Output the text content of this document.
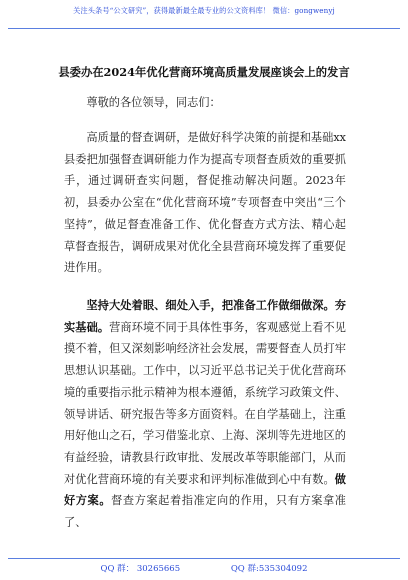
关注头条号“公文研究”，获得最新最全最专业的公文资料库！ 微信：gongwenyj
县委办在2024年优化营商环境高质量发展座谈会上的发言
尊敬的各位领导，同志们：
高质量的督查调研，是做好科学决策的前提和基础xx县委把加强督查调研能力作为提高专项督查质效的重要抓手，通过调研查实问题，督促推动解决问题。2023年初，县委办公室在“优化营商环境”专项督查中突出“三个坚持”，做足督查准备工作、优化督查方式方法、精心起草督查报告，调研成果对优化全县营商环境发挥了重要促进作用。
坚持大处着眼、细处入手，把准备工作做细做深。夯实基础。营商环境不同于具体性事务，客观感觉上看不见摸不着，但又深刻影响经济社会发展，需要督查人员打牢思想认识基础。工作中，以习近平总书记关于优化营商环境的重要指示批示精神为根本遵循，系统学习政策文件、领导讲话、研究报告等多方面资料。在自学基础上，注重用好他山之石，学习借鉴北京、上海、深圳等先进地区的有益经验，请教县行政审批、发展改革等职能部门，从而对优化营商环境的有关要求和评判标准做到心中有数。做好方案。督查方案起着指准定向的作用，只有方案拿准了、
QQ 群： 30265665	QQ 群:535304092
